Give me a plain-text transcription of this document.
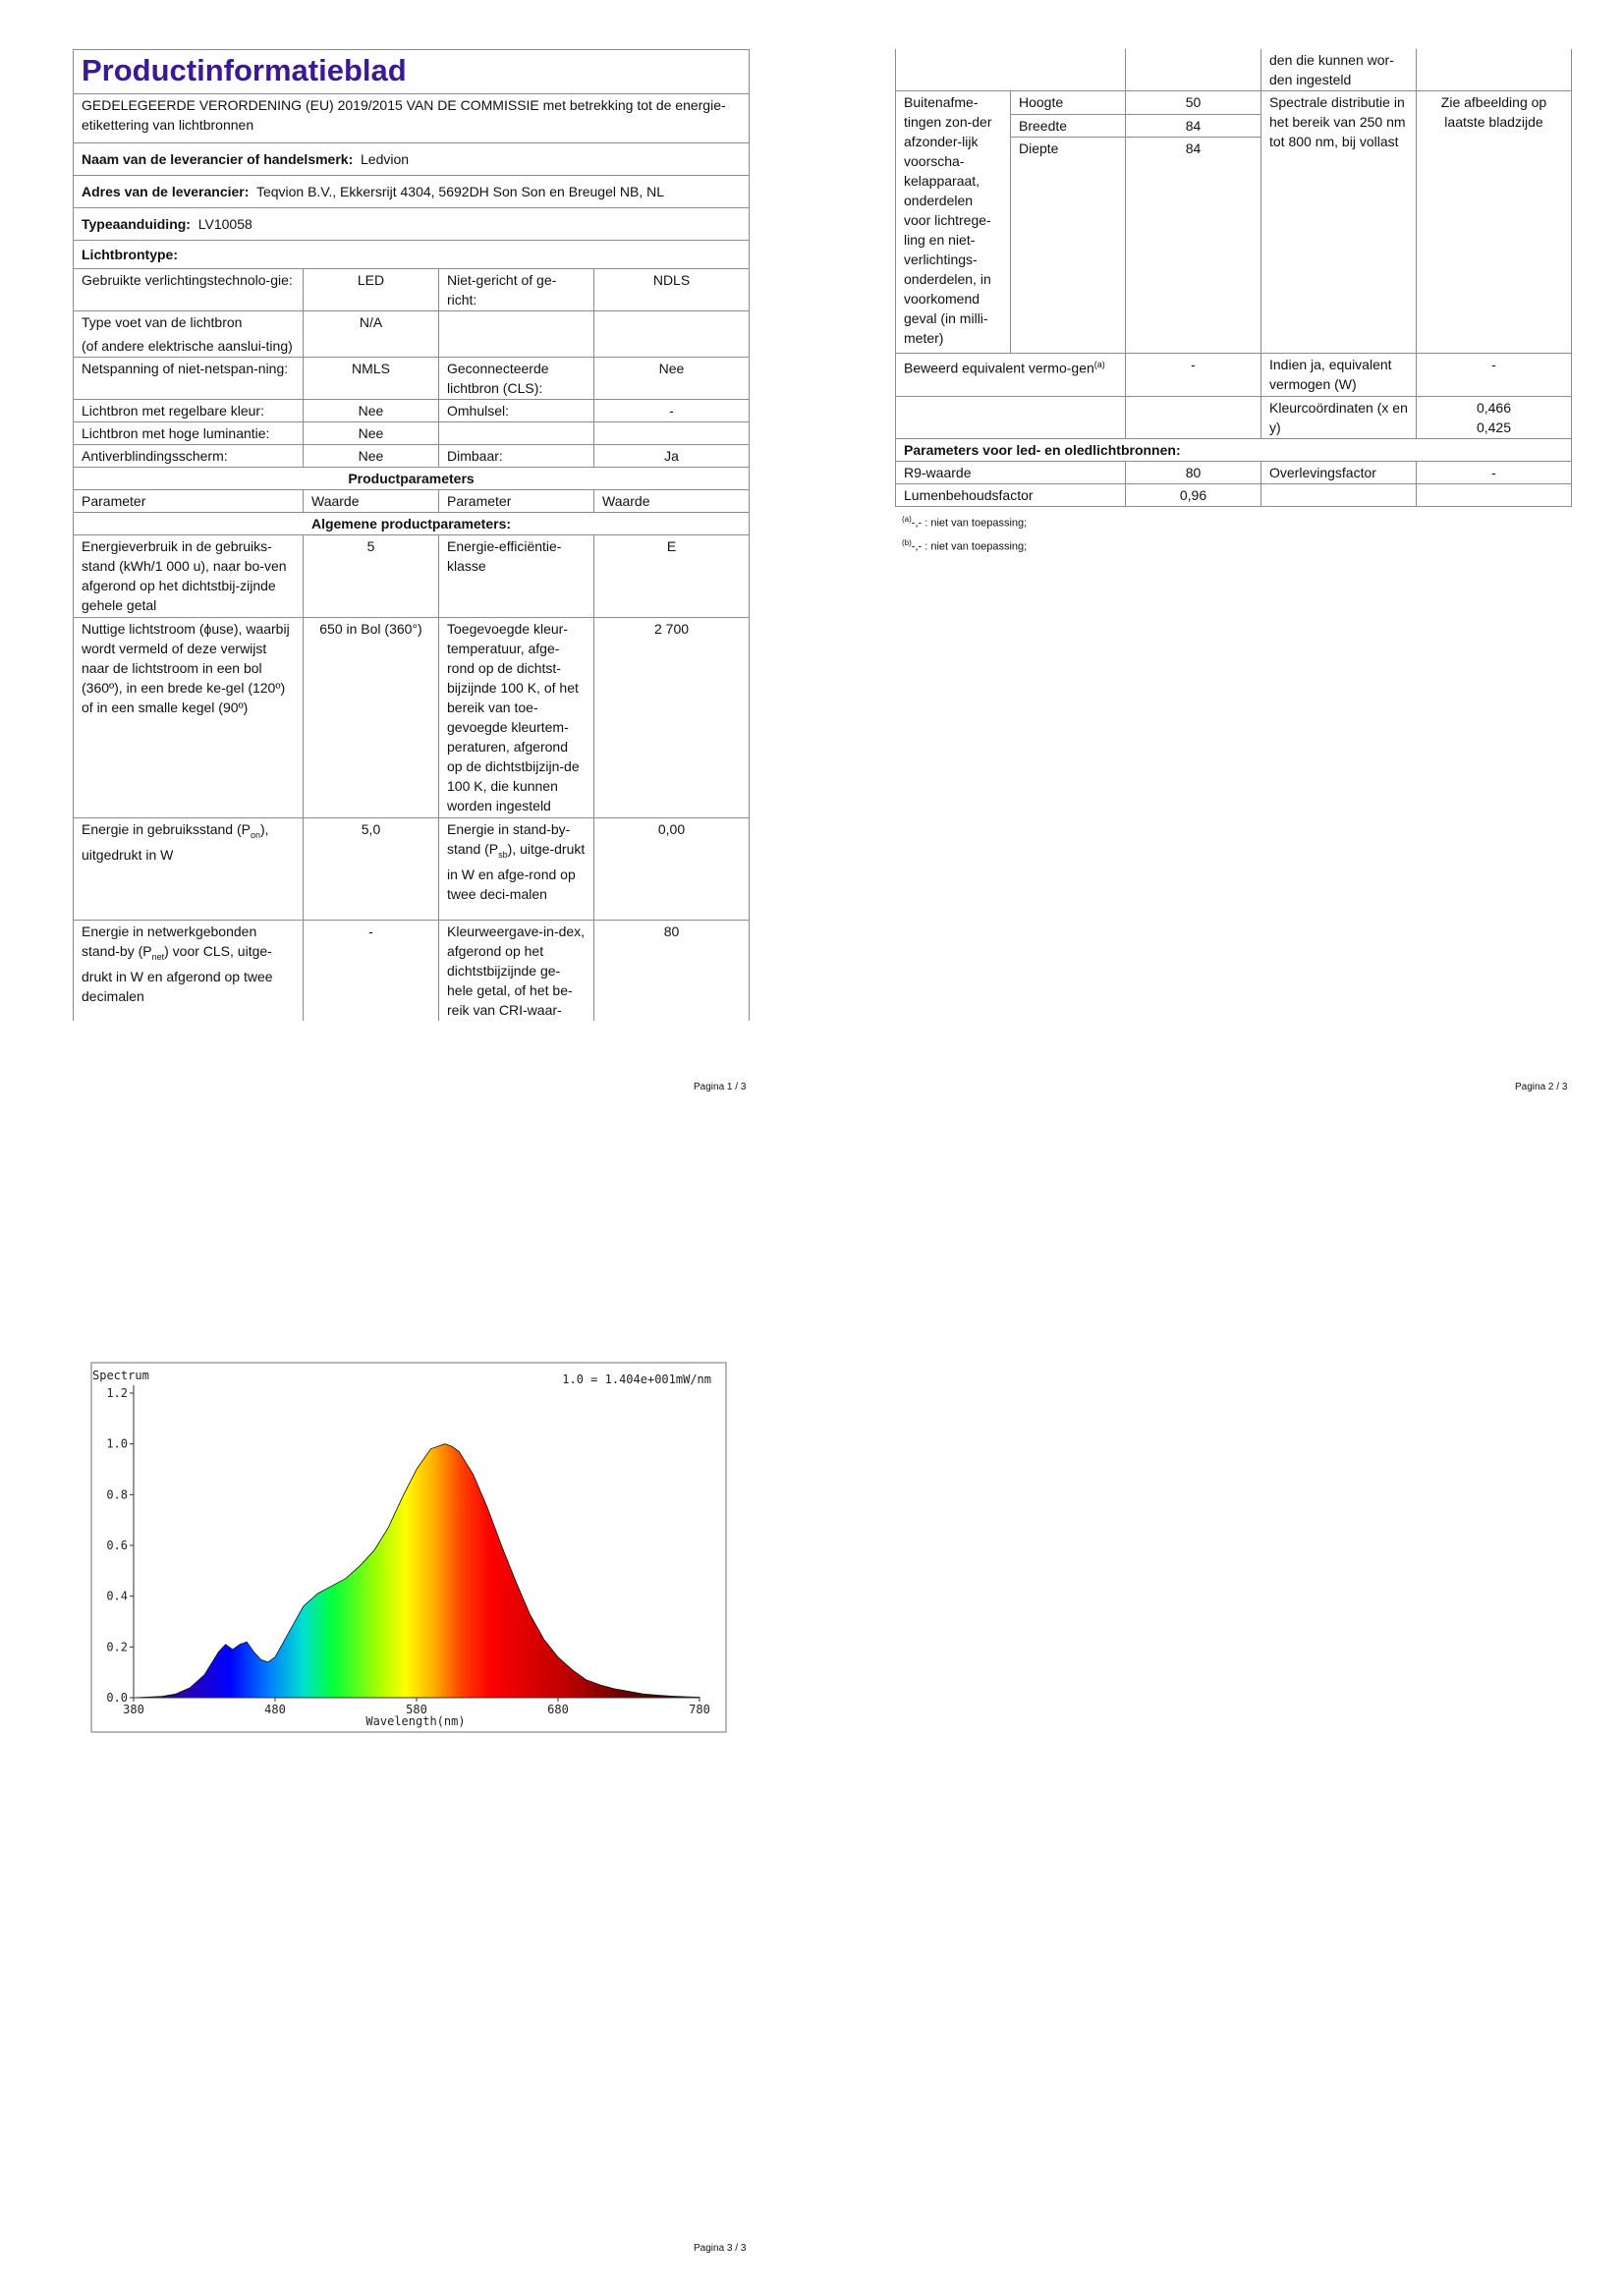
Productinformatieblad			
GEDELEGEERDE VERORDENING (EU) 2019/2015 VAN DE COMMISSIE met betrekking tot de energie-etikettering van lichtbronnen			
Naam van de leverancier of handelsmerk: Ledvion			
Adres van de leverancier: Teqvion B.V., Ekkersrijt 4304, 5692DH Son Son en Breugel NB, NL			
Typeaanduiding: LV10058			
Lichtbrontype:			
Gebruikte verlichtingstechnolo-gie:	LED	Niet-gericht of ge-richt:	NDLS

Type voet van de lichtbron
(of andere elektrische aanslui-ting)	N/A		
Netspanning of niet-netspan-ning:	NMLS	Geconnecteerde lichtbron (CLS):	Nee
Lichtbron met regelbare kleur:	Nee	Omhulsel:	-
Lichtbron met hoge luminantie:	Nee		
Antiverblindingsscherm:	Nee	Dimbaar:	Ja
Productparameters			
Parameter	Waarde	Parameter	Waarde
Algemene productparameters:			
Energieverbruik in de gebruiks-stand (kWh/1 000 u), naar bo-ven afgerond op het dichtstbij-zijnde gehele getal	5	Energie-efficiëntie-klasse	E
Nuttige lichtstroom (ϕuse), waarbij wordt vermeld of deze verwijst naar de lichtstroom in een bol (360º), in een brede ke-gel (120º) of in een smalle kegel (90º)	650 in Bol (360°)	Toegevoegde kleur-temperatuur, afge-rond op de dichtst-bijzijnde 100 K, of het bereik van toe-gevoegde kleurtem-peraturen, afgerond op de dichtstbijzijn-de 100 K, die kunnen worden ingesteld	2 700
Energie in gebruiksstand $(P_{on})$, uitgedrukt in W	5,0	Energie in stand-by-stand $(P_{sb})$, uitge-drukt in W en afge-rond op twee deci-malen	0,00
Energie in netwerkgebonden stand-by $(P_{net})$ voor CLS, uitge-drukt in W en afgerond op twee decimalen	-	Kleurweergave-in-dex, afgerond op het dichtstbijzijnde ge-hele getal, of het be-reik van CRI-waar-	80
Pagina 1 / 3
			den die kunnen wor-den ingesteld	
Buitenafme-tingen zon-der afzonder-lijk voorscha-kelapparaat, onderdelen voor lichtrege-ling en niet-verlichtings-onderdelen, in voorkomend geval (in milli-meter)	Hoogte	50	Spectrale distributie in het bereik van 250 nm tot 800 nm, bij vollast	Zie afbeelding op laatste bladzijde
	Breedte	84		
	Diepte	84		
Beweerd equivalent vermo-gen$^{(a)}$		-	Indien ja, equivalent vermogen (W)	-
			Kleurcoördinaten (x en y)	0,466
0,425

Parameters voor led- en oledlichtbronnen:				
R9-waarde		80	Overlevingsfactor	-
Lumenbehoudsfactor		0,96		
$^{(a)}$-,- : niet van toepassing;
$^{(b)}$-,- : niet van toepassing;
Pagina 2 / 3
Spectrum	1.0 = 1.404e+001mW/nm
0.0
0.2
0.4
0.6
0.8
1.0
1.2
380	480	580	680	780
Wavelength(nm)
Pagina 3 / 3
